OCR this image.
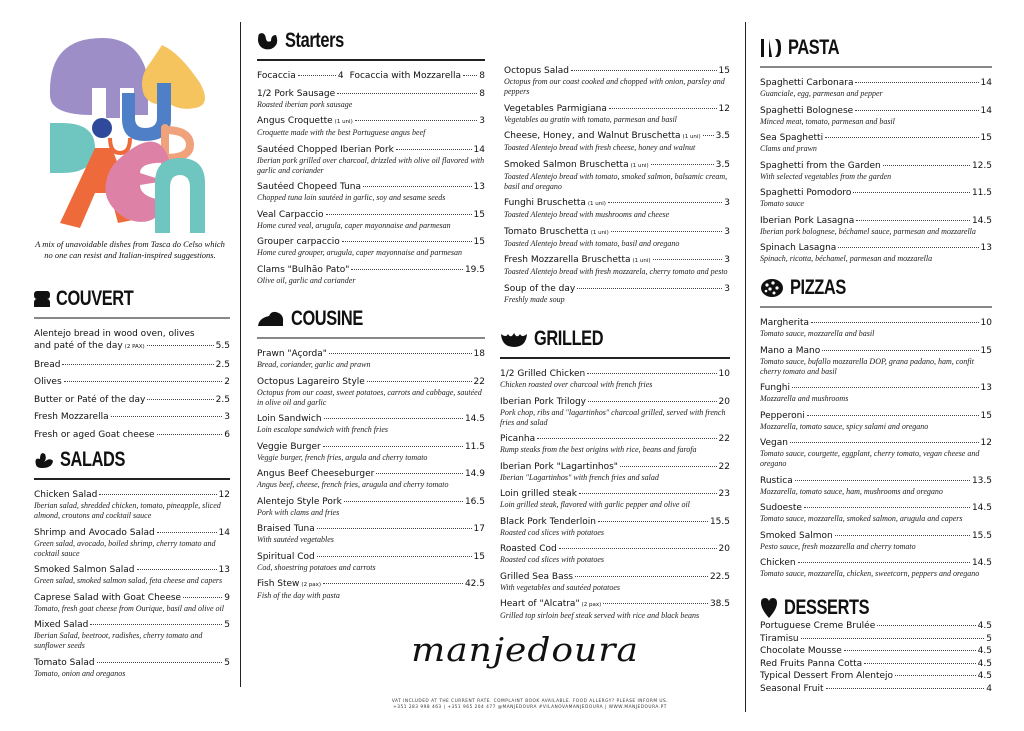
A mix of unavoidable dishes from Tasca do Celso which no one can resist and Italian-inspired suggestions.
COUVERT
Alentejo bread in wood oven, olives
and paté of the day (2 PAX)	5.5
Bread	2.5
Olives	2
Butter or Paté of the day	2.5
Fresh Mozzarella	3
Fresh or aged Goat cheese	6
SALADS
Chicken Salad	12
Iberian salad, shredded chicken, tomato, pineapple, sliced almond, croutons and cocktail sauce
Shrimp and Avocado Salad	14
Green salad, avocado, boiled shrimp, cherry tomato and cocktail sauce
Smoked Salmon Salad	13
Green salad, smoked salmon salad, feta cheese and capers
Caprese Salad with Goat Cheese	9
Tomato, fresh goat cheese from Ourique, basil and olive oil
Mixed Salad	5
Iberian Salad, beetroot, radishes, cherry tomato and sunflower seeds
Tomato Salad	5
Tomato, onion and oreganos
Starters
Focaccia	4 Focaccia with Mozzarella 8
1/2 Pork Sausage	8
Roasted iberian pork sausage
Angus Croquette (1 uni)	3
Croquette made with the best Portuguese angus beef
Sautéed Chopped Iberian Pork	14
Iberian pork grilled over charcoal, drizzled with olive oil flavored with garlic and coriander
Sautéed Chopeed Tuna	13
Chopped tuna loin sautéed in garlic, soy and sesame seeds
Veal Carpaccio	15
Home cured veal, arugula, caper mayonnaise and parmesan
Grouper carpaccio	15
Home cured grouper, arugula, caper mayonnaise and parmesan
Clams "Bulhão Pato"	19.5
Olive oil, garlic and coriander
COUSINE
Prawn "Açorda"	18
Bread, coriander, garlic and prawn
Octopus Lagareiro Style	22
Octopus from our coast, sweet potatoes, carrots and cabbage, sautéed in olive oil and garlic
Loin Sandwich	14.5
Loin escalope sandwich with french fries
Veggie Burger	11.5
Veggie burger, french fries, argula and cherry tomato
Angus Beef Cheeseburger	14.9
Angus beef, cheese, french fries, arugula and cherry tomato
Alentejo Style Pork	16.5
Pork with clams and fries
Braised Tuna	17
With sautéed vegetables
Spiritual Cod	15
Cod, shoestring potatoes and carrots
Fish Stew (2 pax)	42.5
Fish of the day with pasta
Octopus Salad	15
Octopus from our coast cooked and chopped with onion, parsley and peppers
Vegetables Parmigiana	12
Vegetables au gratin with tomato, parmesan and basil
Cheese, Honey, and Walnut Bruschetta (1 uni) 3.5
Toasted Alentejo bread with fresh cheese, honey and walnut
Smoked Salmon Bruschetta (1 uni)	3.5
Toasted Alentejo bread with tomato, smoked salmon, balsamic cream, basil and oregano
Funghi Bruschetta (1 uni)	3
Toasted Alentejo bread with mushrooms and cheese
Tomato Bruschetta (1 uni)	3
Toasted Alentejo bread with tomato, basil and oregano
Fresh Mozzarella Bruschetta (1 uni)	3
Toasted Alentejo bread with fresh mozzarela, cherry tomato and pesto
Soup of the day	3
Freshly made soup
GRILLED
1/2 Grilled Chicken	10
Chicken roasted over charcoal with french fries
Iberian Pork Trilogy	20
Pork chop, ribs and "lagartinhos" charcoal grilled, served with french fries and salad
Picanha	22
Rump steaks from the best origins with rice, beans and farofa
Iberian Pork "Lagartinhos"	22
Iberian "Lagartinhos" with french fries and salad
Loin grilled steak	23
Loin grilled steak, flavored with garlic pepper and olive oil
Black Pork Tenderloin	15.5
Roasted cod slices with potatoes
Roasted Cod	20
Roasted cod slices with potatoes
Grilled Sea Bass	22.5
With vegetables and sautéed potatoes
Heart of "Alcatra" (2 pax)	38.5
Grilled top sirloin beef steak served with rice and black beans
PASTA
Spaghetti Carbonara	14
Guanciale, egg, parmesan and pepper
Spaghetti Bolognese	14
Minced meat, tomato, parmesan and basil
Sea Spaghetti	15
Clams and prawn
Spaghetti from the Garden	12.5
With selected vegetables from the garden
Spaghetti Pomodoro	11.5
Tomato sauce
Iberian Pork Lasagna	14.5
Iberian pork bolognese, béchamel sauce, parmesan and mozzarella
Spinach Lasagna	13
Spinach, ricotta, béchamel, parmesan and mozzarella
PIZZAS
Margherita	10
Tomato sauce, mozzarella and basil
Mano a Mano	15
Tomato sauce, bufallo mozzarella DOP, grana padano, ham, confit cherry tomato and basil
Funghi	13
Mozzarella and mushrooms
Pepperoni	15
Mozzarella, tomato sauce, spicy salami and oregano
Vegan	12
Tomato sauce, courgette, eggplant, cherry tomato, vegan cheese and oregano
Rustica	13.5
Mozzarella, tomato sauce, ham, mushrooms and oregano
Sudoeste	14.5
Tomato sauce, mozzarella, smoked salmon, arugula and capers
Smoked Salmon	15.5
Pesto sauce, fresh mozzarella and cherry tomato
Chicken	14.5
Tomato sauce, mozzarella, chicken, sweetcorn, peppers and oregano
DESSERTS
Portuguese Creme Brulée	4.5
Tiramisu	5
Chocolate Mousse	4.5
Red Fruits Panna Cotta	4.5
Typical Dessert From Alentejo	4.5
Seasonal Fruit	4
manjedoura
VAT INCLUDED AT THE CURRENT RATE. COMPLAINT BOOK AVAILABLE. FOOD ALLERGY? PLEASE INFORM US.
+351 283 998 463 | +351 965 204 477 @MANJEDOURA #VILANOVAMANJEDOURA | WWW.MANJEDOURA.PT
